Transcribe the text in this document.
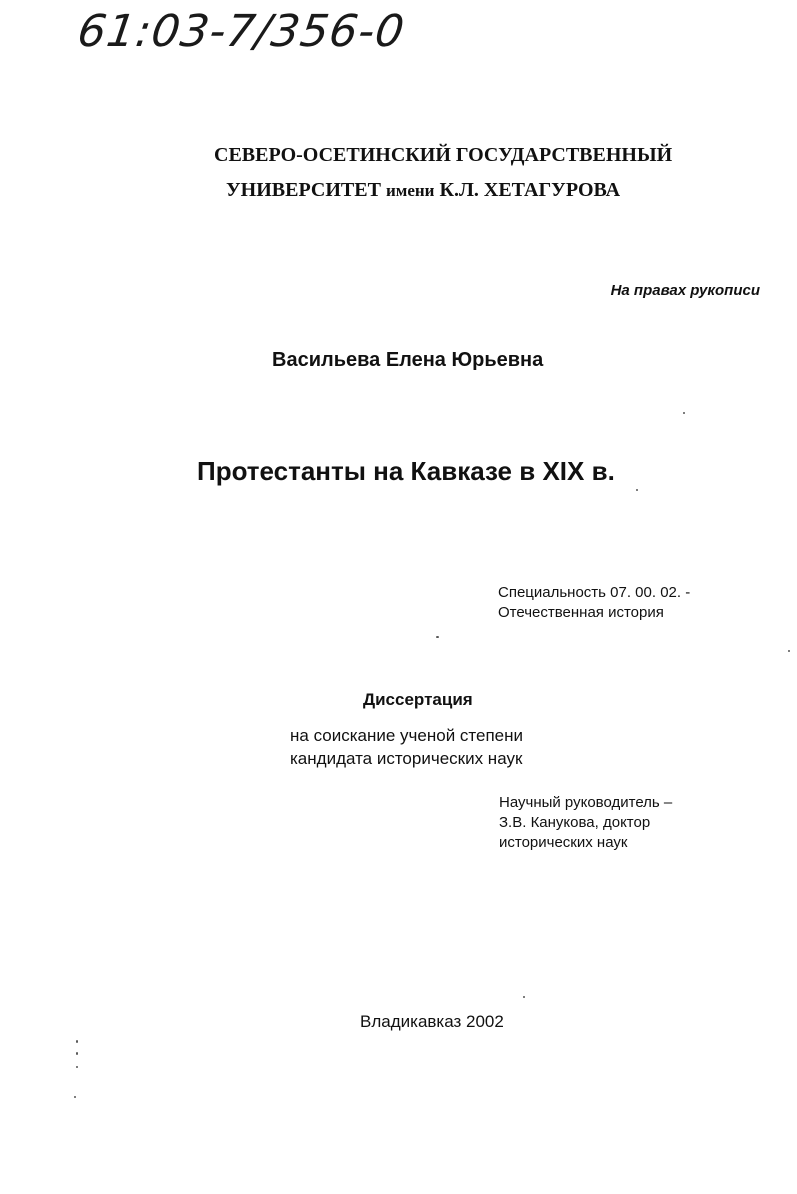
61:03-7/356-0
СЕВЕРО-ОСЕТИНСКИЙ ГОСУДАРСТВЕННЫЙ
УНИВЕРСИТЕТ имени К.Л. ХЕТАГУРОВА
На правах рукописи
Васильева Елена Юрьевна
Протестанты на Кавказе в XIX в.
Специальность 07. 00. 02. -
Отечественная история
Диссертация
на соискание ученой степени
кандидата исторических наук
Научный руководитель –
З.В. Канукова, доктор
исторических наук
Владикавказ 2002
